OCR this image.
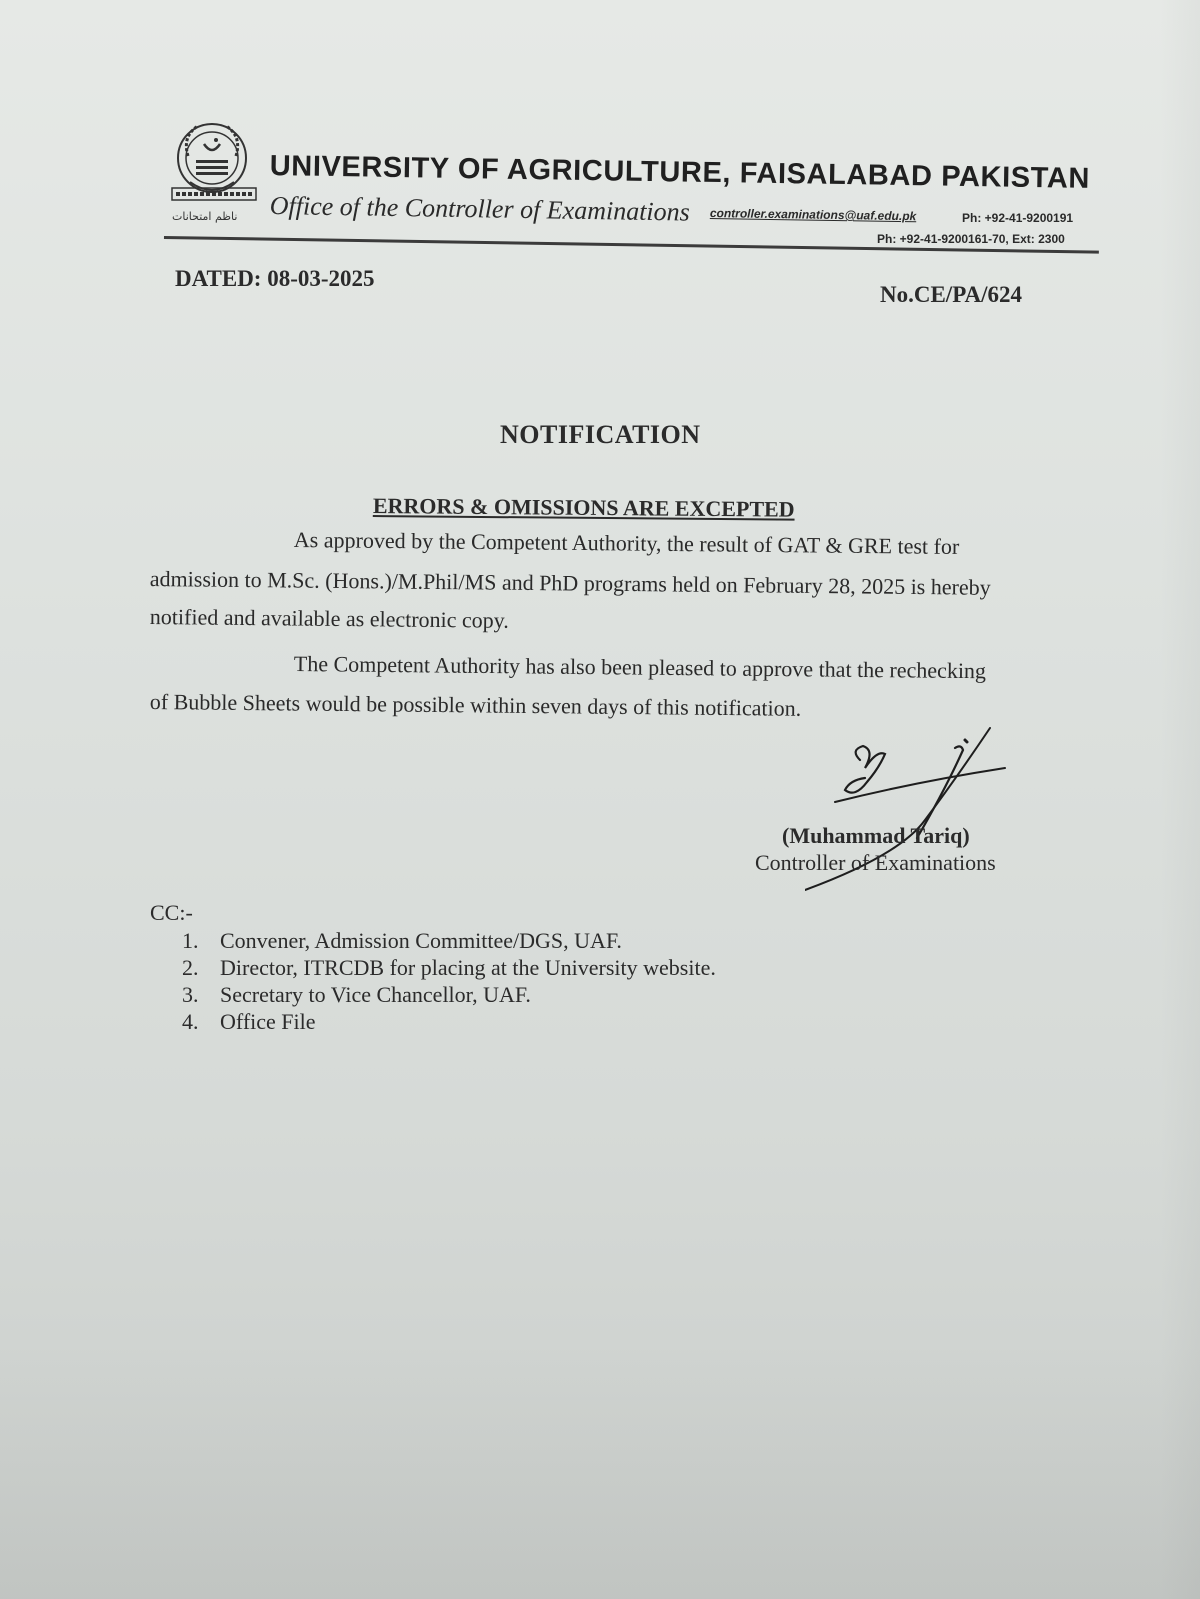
ناظم امتحانات
UNIVERSITY OF AGRICULTURE, FAISALABAD PAKISTAN
Office of the Controller of Examinations controller.examinations@uaf.edu.pk	Ph: +92-41-9200191
Ph: +92-41-9200161-70, Ext: 2300
DATED: 08-03-2025
No.CE/PA/624
NOTIFICATION
ERRORS & OMISSIONS ARE EXCEPTED
As approved by the Competent Authority, the result of GAT & GRE test for
admission to M.Sc. (Hons.)/M.Phil/MS and PhD programs held on February 28, 2025 is hereby
notified and available as electronic copy.
The Competent Authority has also been pleased to approve that the rechecking
of Bubble Sheets would be possible within seven days of this notification.
(Muhammad Tariq)
Controller of Examinations
CC:-
1. Convener, Admission Committee/DGS, UAF.
2. Director, ITRCDB for placing at the University website.
3. Secretary to Vice Chancellor, UAF.
4. Office File
